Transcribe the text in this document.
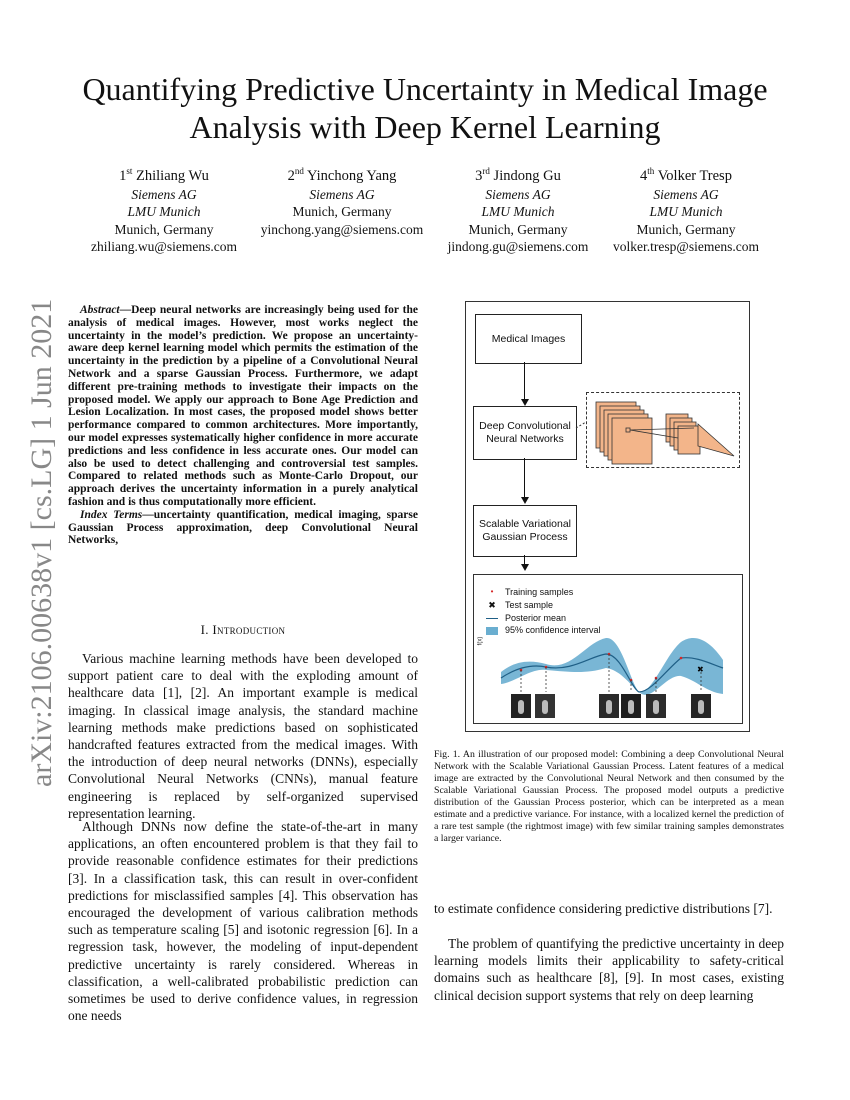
Quantifying Predictive Uncertainty in Medical Image Analysis with Deep Kernel Learning
1st Zhiliang Wu
Siemens AG
LMU Munich
Munich, Germany
zhiliang.wu@siemens.com
2nd Yinchong Yang
Siemens AG
Munich, Germany
yinchong.yang@siemens.com
3rd Jindong Gu
Siemens AG
LMU Munich
Munich, Germany
jindong.gu@siemens.com
4th Volker Tresp
Siemens AG
LMU Munich
Munich, Germany
volker.tresp@siemens.com
arXiv:2106.00638v1 [cs.LG] 1 Jun 2021	Abstract—Deep neural networks are increasingly being used for the analysis of medical images. However, most works neglect the uncertainty in the model’s prediction. We propose an uncertainty-aware deep kernel learning model which permits the estimation of the uncertainty in the prediction by a pipeline of a Convolutional Neural Network and a sparse Gaussian Process. Furthermore, we adapt different pre-training methods to investigate their impacts on the proposed model. We apply our approach to Bone Age Prediction and Lesion Localization. In most cases, the proposed model shows better performance compared to common architectures. More importantly, our model expresses systematically higher confidence in more accurate predictions and less confidence in less accurate ones. Our model can also be used to detect challenging and controversial test samples. Compared to related methods such as Monte-Carlo Dropout, our approach derives the uncertainty information in a purely analytical fashion and is thus computationally more efficient.

Index Terms—uncertainty quantification, medical imaging, sparse Gaussian Process approximation, deep Convolutional Neural Networks,

I. Introduction

Various machine learning methods have been developed to support patient care to deal with the exploding amount of healthcare data [1], [2]. An important example is medical imaging. In classical image analysis, the standard machine learning methods make predictions based on sophisticated handcrafted features extracted from the medical images. With the introduction of deep neural networks (DNNs), especially Convolutional Neural Networks (CNNs), manual feature engineering is replaced by self-organized supervised representation learning.

Although DNNs now define the state-of-the-art in many applications, an often encountered problem is that they fail to provide reasonable confidence estimates for their predictions [3]. In a classification task, this can result in over-confident predictions for misclassified samples [4]. This observation has encouraged the development of various calibration methods such as temperature scaling [5] and isotonic regression [6]. In a regression task, however, the modeling of input-dependent predictive uncertainty is rarely considered. Whereas in classification, a well-calibrated probabilistic prediction can sometimes be used to derive confidence values, in regression one needs

Medical Images
Deep Convolutional Neural Networks
Scalable Variational Gaussian Process
• Training samples
✖ Test sample
Posterior mean
95% confidence interval
f(x)
✖

Fig. 1. An illustration of our proposed model: Combining a deep Convolutional Neural Network with the Scalable Variational Gaussian Process. Latent features of a medical image are extracted by the Convolutional Neural Network and then consumed by the Scalable Variational Gaussian Process. The proposed model outputs a predictive distribution of the Gaussian Process posterior, which can be interpreted as a mean estimate and a predictive variance. For instance, with a localized kernel the prediction of a rare test sample (the rightmost image) with few similar training samples demonstrates a larger variance.

to estimate confidence considering predictive distributions [7].

The problem of quantifying the predictive uncertainty in deep learning models limits their applicability to safety-critical domains such as healthcare [8], [9]. In most cases, existing clinical decision support systems that rely on deep learning
